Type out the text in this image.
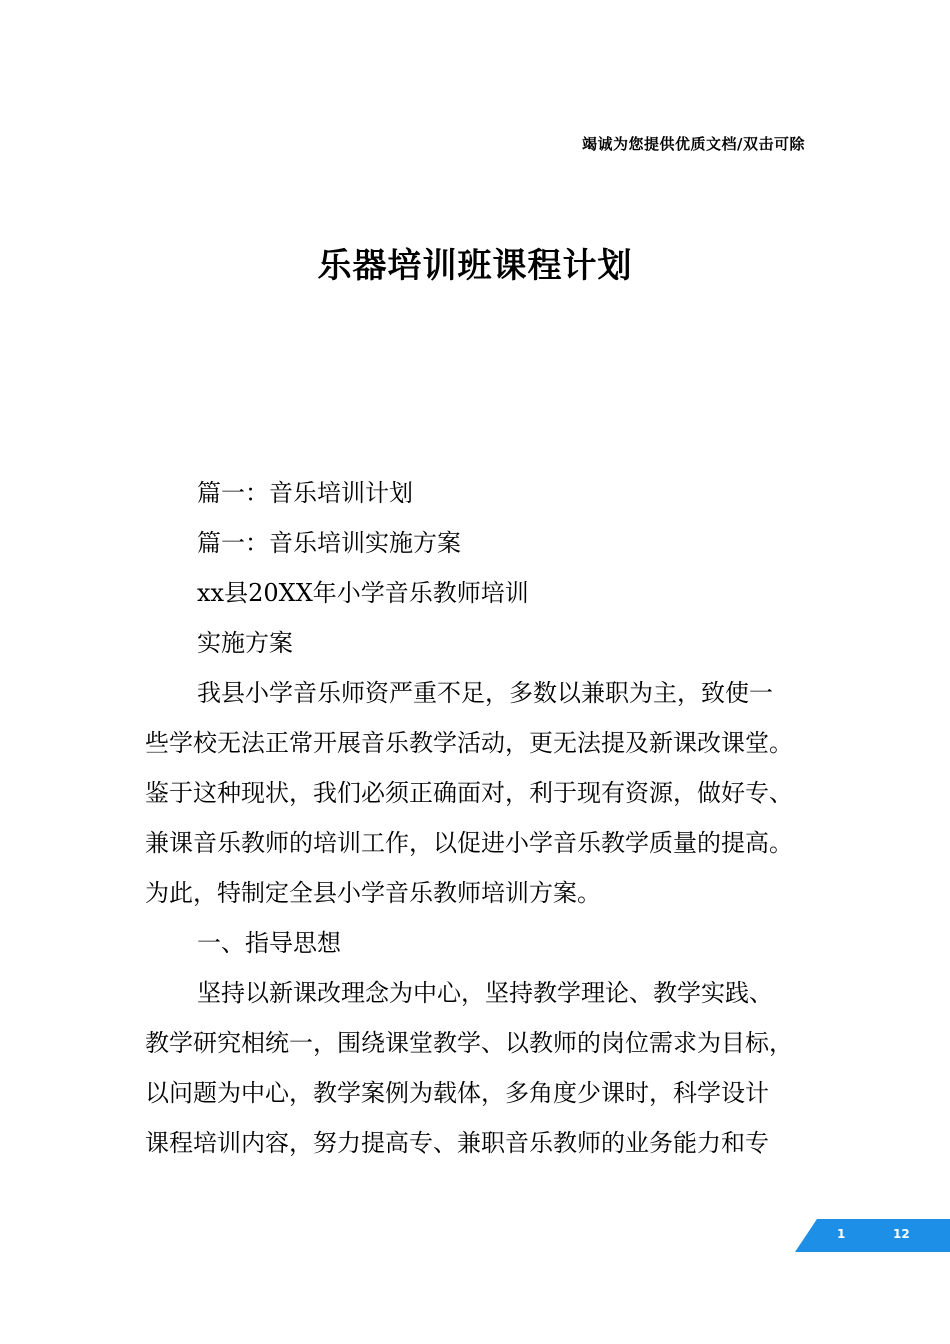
竭诚为您提供优质文档/双击可除
乐器培训班课程计划
篇一：音乐培训计划
篇一：音乐培训实施方案
xx县20XX年小学音乐教师培训
实施方案
我县小学音乐师资严重不足，多数以兼职为主，致使一
些学校无法正常开展音乐教学活动，更无法提及新课改课堂。
鉴于这种现状，我们必须正确面对，利于现有资源，做好专、
兼课音乐教师的培训工作，以促进小学音乐教学质量的提高。
为此，特制定全县小学音乐教师培训方案。
一、指导思想
坚持以新课改理念为中心，坚持教学理论、教学实践、
教学研究相统一，围绕课堂教学、以教师的岗位需求为目标，
以问题为中心，教学案例为载体，多角度少课时，科学设计
课程培训内容，努力提高专、兼职音乐教师的业务能力和专
1	12
